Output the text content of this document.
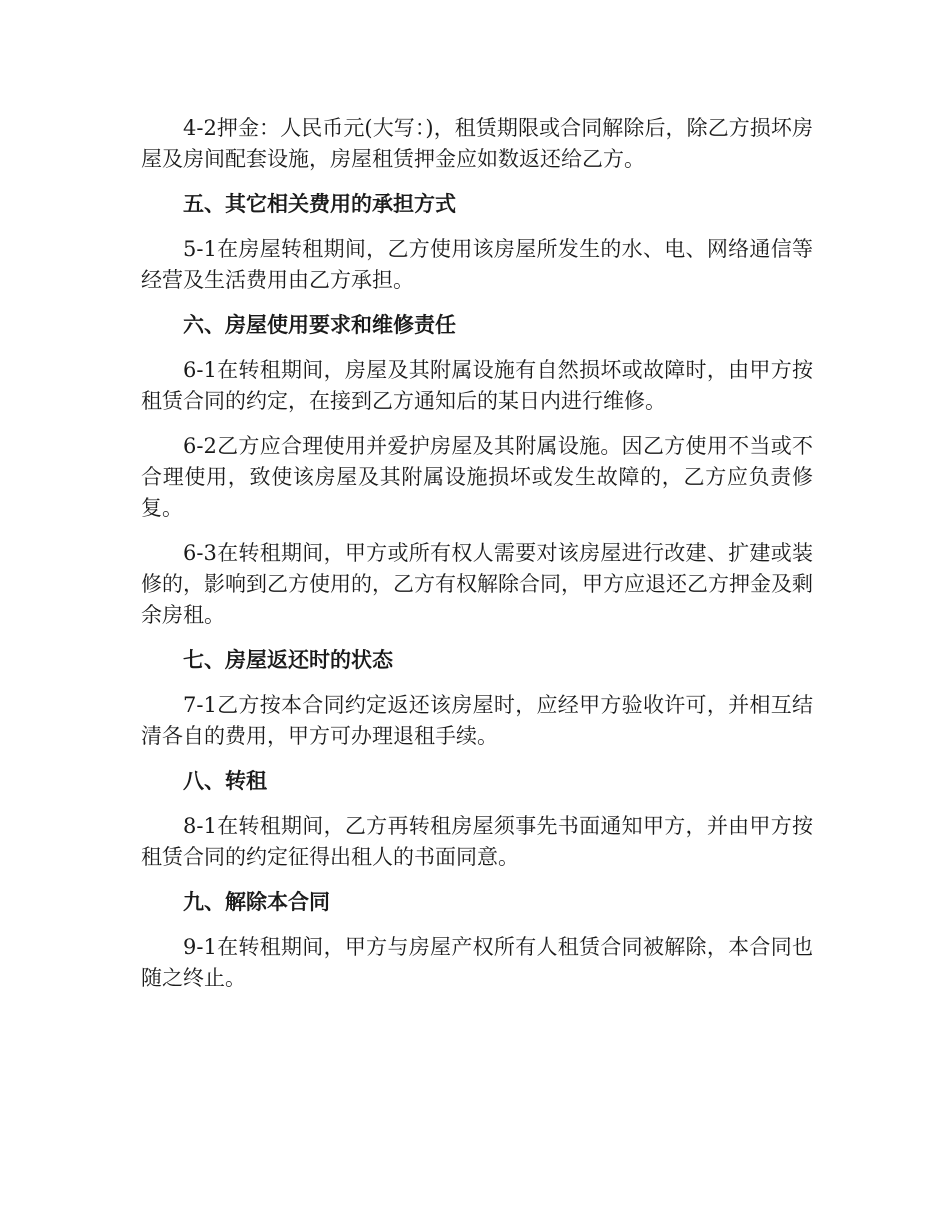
4-2押金：人民币元(大写：)，租赁期限或合同解除后，除乙方损坏房屋及房间配套设施，房屋租赁押金应如数返还给乙方。

五、其它相关费用的承担方式

5-1在房屋转租期间，乙方使用该房屋所发生的水、电、网络通信等经营及生活费用由乙方承担。

六、房屋使用要求和维修责任

6-1在转租期间，房屋及其附属设施有自然损坏或故障时，由甲方按租赁合同的约定，在接到乙方通知后的某日内进行维修。

6-2乙方应合理使用并爱护房屋及其附属设施。因乙方使用不当或不合理使用，致使该房屋及其附属设施损坏或发生故障的，乙方应负责修复。

6-3在转租期间，甲方或所有权人需要对该房屋进行改建、扩建或装修的，影响到乙方使用的，乙方有权解除合同，甲方应退还乙方押金及剩余房租。

七、房屋返还时的状态

7-1乙方按本合同约定返还该房屋时，应经甲方验收许可，并相互结清各自的费用，甲方可办理退租手续。

八、转租

8-1在转租期间，乙方再转租房屋须事先书面通知甲方，并由甲方按租赁合同的约定征得出租人的书面同意。

九、解除本合同

9-1在转租期间，甲方与房屋产权所有人租赁合同被解除，本合同也随之终止。
